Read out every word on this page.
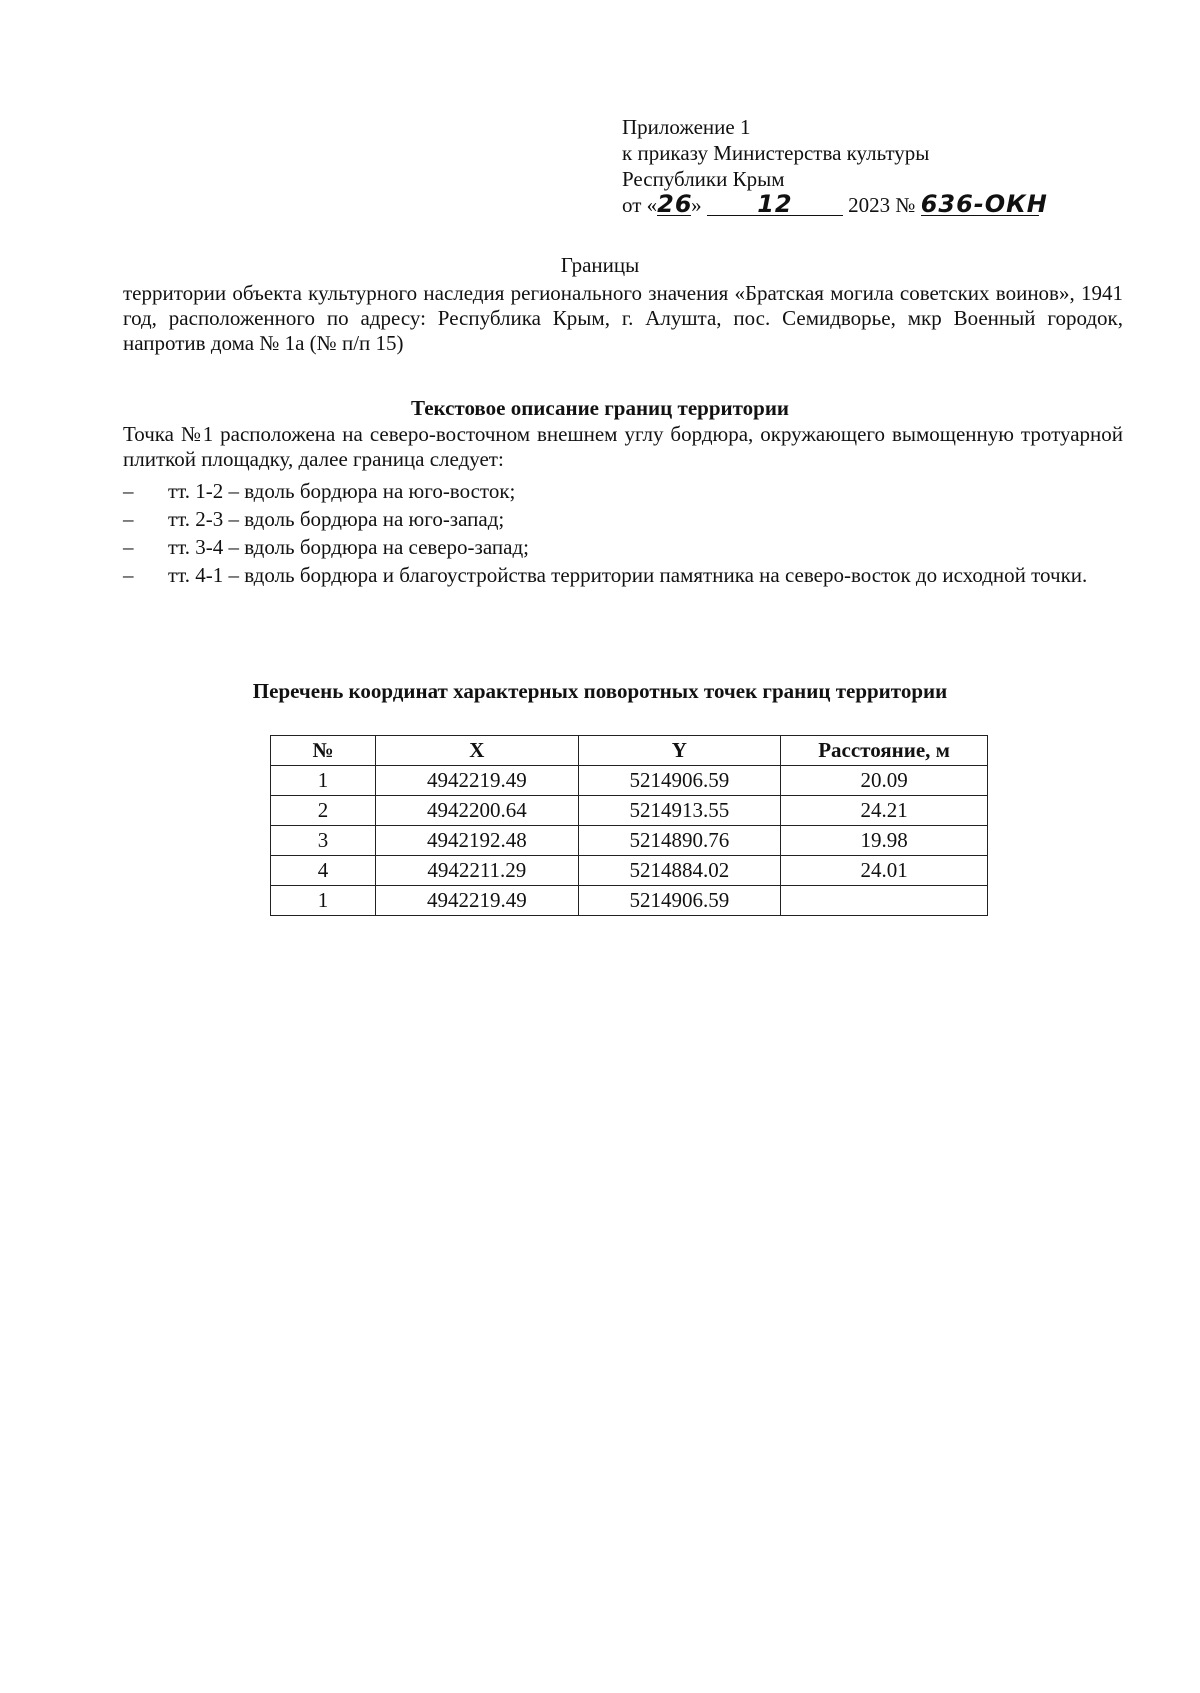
Приложение 1
к приказу Министерства культуры
Республики Крым
от «26» 12	2023 № 636-ОКН
Границы
территории объекта культурного наследия регионального значения «Братская могила советских воинов», 1941 год, расположенного по адресу: Республика Крым, г. Алушта, пос. Семидворье, мкр Военный городок, напротив дома № 1а (№ п/п 15)
Текстовое описание границ территории
Точка №1 расположена на северо-восточном внешнем углу бордюра, окружающего вымощенную тротуарной плиткой площадку, далее граница следует:
– тт. 1-2 – вдоль бордюра на юго-восток;
– тт. 2-3 – вдоль бордюра на юго-запад;
– тт. 3-4 – вдоль бордюра на северо-запад;
– тт. 4-1 – вдоль бордюра и благоустройства территории памятника на северо-восток до исходной точки.
Перечень координат характерных поворотных точек границ территории
№	X	Y	Расстояние, м
1	4942219.49	5214906.59	20.09
2	4942200.64	5214913.55	24.21
3	4942192.48	5214890.76	19.98
4	4942211.29	5214884.02	24.01
1	4942219.49	5214906.59	
